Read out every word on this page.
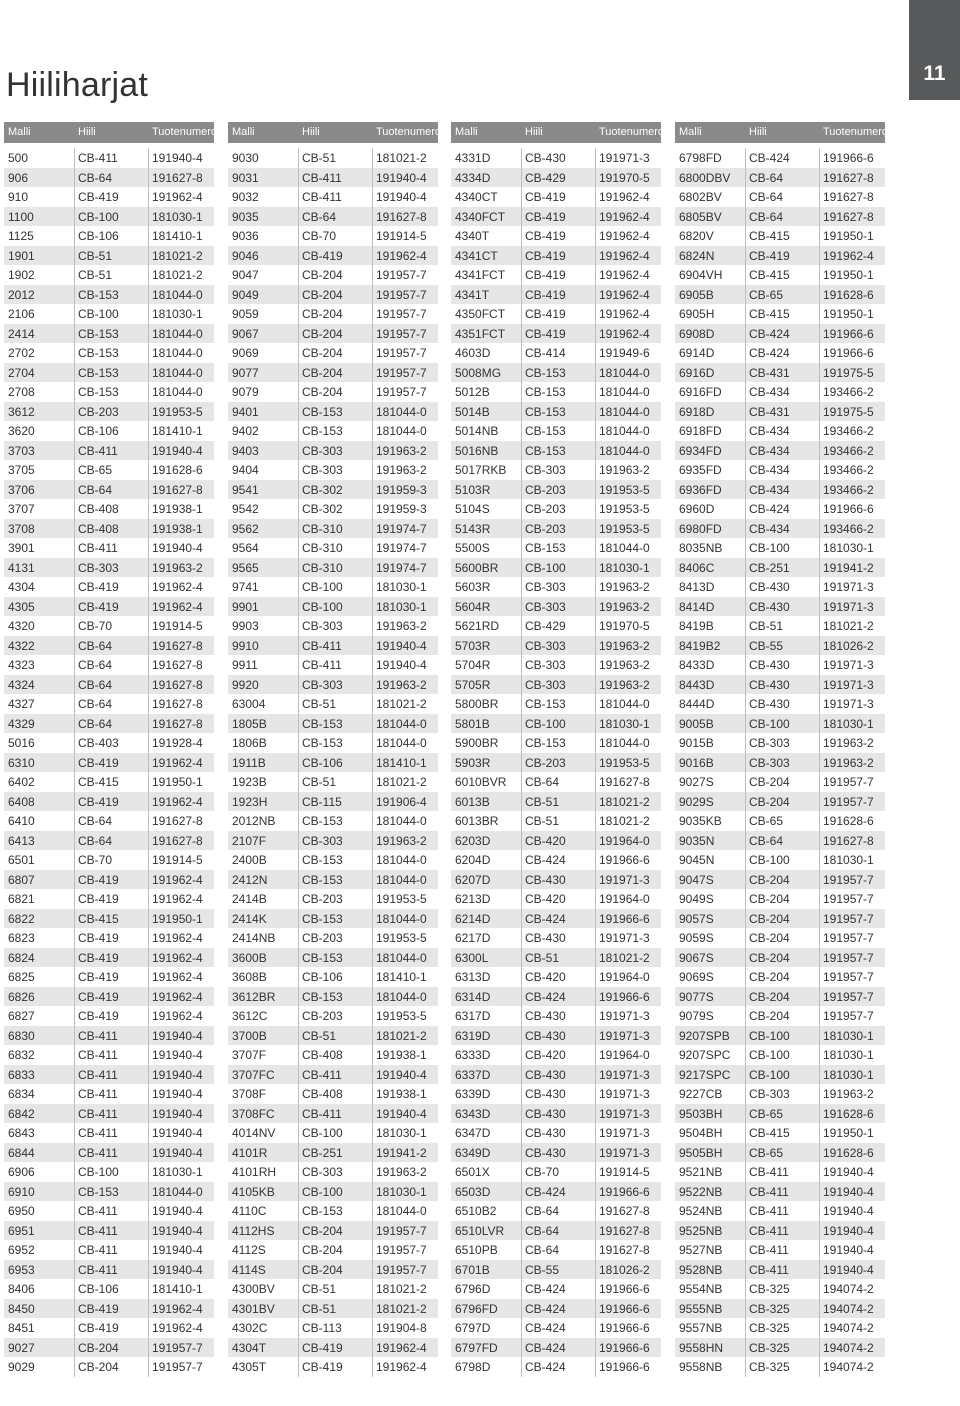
Hiiliharjat	11
Malli	Hiili	Tuotenumero
500	CB-411	191940-4
906	CB-64	191627-8
910	CB-419	191962-4
1100	CB-100	181030-1
1125	CB-106	181410-1
1901	CB-51	181021-2
1902	CB-51	181021-2
2012	CB-153	181044-0
2106	CB-100	181030-1
2414	CB-153	181044-0
2702	CB-153	181044-0
2704	CB-153	181044-0
2708	CB-153	181044-0
3612	CB-203	191953-5
3620	CB-106	181410-1
3703	CB-411	191940-4
3705	CB-65	191628-6
3706	CB-64	191627-8
3707	CB-408	191938-1
3708	CB-408	191938-1
3901	CB-411	191940-4
4131	CB-303	191963-2
4304	CB-419	191962-4
4305	CB-419	191962-4
4320	CB-70	191914-5
4322	CB-64	191627-8
4323	CB-64	191627-8
4324	CB-64	191627-8
4327	CB-64	191627-8
4329	CB-64	191627-8
5016	CB-403	191928-4
6310	CB-419	191962-4
6402	CB-415	191950-1
6408	CB-419	191962-4
6410	CB-64	191627-8
6413	CB-64	191627-8
6501	CB-70	191914-5
6807	CB-419	191962-4
6821	CB-419	191962-4
6822	CB-415	191950-1
6823	CB-419	191962-4
6824	CB-419	191962-4
6825	CB-419	191962-4
6826	CB-419	191962-4
6827	CB-419	191962-4
6830	CB-411	191940-4
6832	CB-411	191940-4
6833	CB-411	191940-4
6834	CB-411	191940-4
6842	CB-411	191940-4
6843	CB-411	191940-4
6844	CB-411	191940-4
6906	CB-100	181030-1
6910	CB-153	181044-0
6950	CB-411	191940-4
6951	CB-411	191940-4
6952	CB-411	191940-4
6953	CB-411	191940-4
8406	CB-106	181410-1
8450	CB-419	191962-4
8451	CB-419	191962-4
9027	CB-204	191957-7
9029	CB-204	191957-7
Malli	Hiili	Tuotenumero
9030	CB-51	181021-2
9031	CB-411	191940-4
9032	CB-411	191940-4
9035	CB-64	191627-8
9036	CB-70	191914-5
9046	CB-419	191962-4
9047	CB-204	191957-7
9049	CB-204	191957-7
9059	CB-204	191957-7
9067	CB-204	191957-7
9069	CB-204	191957-7
9077	CB-204	191957-7
9079	CB-204	191957-7
9401	CB-153	181044-0
9402	CB-153	181044-0
9403	CB-303	191963-2
9404	CB-303	191963-2
9541	CB-302	191959-3
9542	CB-302	191959-3
9562	CB-310	191974-7
9564	CB-310	191974-7
9565	CB-310	191974-7
9741	CB-100	181030-1
9901	CB-100	181030-1
9903	CB-303	191963-2
9910	CB-411	191940-4
9911	CB-411	191940-4
9920	CB-303	191963-2
63004	CB-51	181021-2
1805B	CB-153	181044-0
1806B	CB-153	181044-0
1911B	CB-106	181410-1
1923B	CB-51	181021-2
1923H	CB-115	191906-4
2012NB CB-153	181044-0
2107F	CB-303	191963-2
2400B	CB-153	181044-0
2412N	CB-153	181044-0
2414B	CB-203	191953-5
2414K	CB-153	181044-0
2414NB CB-203	191953-5
3600B	CB-153	181044-0
3608B	CB-106	181410-1
3612BR CB-153	181044-0
3612C	CB-203	191953-5
3700B	CB-51	181021-2
3707F	CB-408	191938-1
3707FC CB-411	191940-4
3708F	CB-408	191938-1
3708FC CB-411	191940-4
4014NV CB-100	181030-1
4101R	CB-251	191941-2
4101RH CB-303	191963-2
4105KB CB-100	181030-1
4110C	CB-153	181044-0
4112HS CB-204	191957-7
4112S	CB-204	191957-7
4114S	CB-204	191957-7
4300BV CB-51	181021-2
4301BV CB-51	181021-2
4302C	CB-113	191904-8
4304T	CB-419	191962-4
4305T	CB-419	191962-4
Malli	Hiili	Tuotenumero
4331D	CB-430	191971-3
4334D	CB-429	191970-5
4340CT CB-419	191962-4
4340FCT CB-419	191962-4
4340T	CB-419	191962-4
4341CT CB-419	191962-4
4341FCT CB-419	191962-4
4341T	CB-419	191962-4
4350FCT CB-419	191962-4
4351FCT CB-419	191962-4
4603D	CB-414	191949-6
5008MG CB-153	181044-0
5012B	CB-153	181044-0
5014B	CB-153	181044-0
5014NB CB-153	181044-0
5016NB CB-153	181044-0
5017RKB CB-303	191963-2
5103R	CB-203	191953-5
5104S	CB-203	191953-5
5143R	CB-203	191953-5
5500S	CB-153	181044-0
5600BR CB-100	181030-1
5603R	CB-303	191963-2
5604R	CB-303	191963-2
5621RD CB-429	191970-5
5703R	CB-303	191963-2
5704R	CB-303	191963-2
5705R	CB-303	191963-2
5800BR CB-153	181044-0
5801B	CB-100	181030-1
5900BR CB-153	181044-0
5903R	CB-203	191953-5
6010BVR CB-64	191627-8
6013B	CB-51	181021-2
6013BR CB-51	181021-2
6203D	CB-420	191964-0
6204D	CB-424	191966-6
6207D	CB-430	191971-3
6213D	CB-420	191964-0
6214D	CB-424	191966-6
6217D	CB-430	191971-3
6300L	CB-51	181021-2
6313D	CB-420	191964-0
6314D	CB-424	191966-6
6317D	CB-430	191971-3
6319D	CB-430	191971-3
6333D	CB-420	191964-0
6337D	CB-430	191971-3
6339D	CB-430	191971-3
6343D	CB-430	191971-3
6347D	CB-430	191971-3
6349D	CB-430	191971-3
6501X	CB-70	191914-5
6503D	CB-424	191966-6
6510B2 CB-64	191627-8
6510LVR CB-64	191627-8
6510PB CB-64	191627-8
6701B	CB-55	181026-2
6796D	CB-424	191966-6
6796FD CB-424	191966-6
6797D	CB-424	191966-6
6797FD CB-424	191966-6
6798D	CB-424	191966-6
Malli	Hiili	Tuotenumero
6798FD CB-424	191966-6
6800DBV CB-64	191627-8
6802BV CB-64	191627-8
6805BV CB-64	191627-8
6820V	CB-415	191950-1
6824N	CB-419	191962-4
6904VH CB-415	191950-1
6905B	CB-65	191628-6
6905H	CB-415	191950-1
6908D	CB-424	191966-6
6914D	CB-424	191966-6
6916D	CB-431	191975-5
6916FD CB-434	193466-2
6918D	CB-431	191975-5
6918FD CB-434	193466-2
6934FD CB-434	193466-2
6935FD CB-434	193466-2
6936FD CB-434	193466-2
6960D	CB-424	191966-6
6980FD CB-434	193466-2
8035NB CB-100	181030-1
8406C	CB-251	191941-2
8413D	CB-430	191971-3
8414D	CB-430	191971-3
8419B	CB-51	181021-2
8419B2 CB-55	181026-2
8433D	CB-430	191971-3
8443D	CB-430	191971-3
8444D	CB-430	191971-3
9005B	CB-100	181030-1
9015B	CB-303	191963-2
9016B	CB-303	191963-2
9027S	CB-204	191957-7
9029S	CB-204	191957-7
9035KB CB-65	191628-6
9035N	CB-64	191627-8
9045N	CB-100	181030-1
9047S	CB-204	191957-7
9049S	CB-204	191957-7
9057S	CB-204	191957-7
9059S	CB-204	191957-7
9067S	CB-204	191957-7
9069S	CB-204	191957-7
9077S	CB-204	191957-7
9079S	CB-204	191957-7
9207SPB CB-100	181030-1
9207SPC CB-100	181030-1
9217SPC CB-100	181030-1
9227CB CB-303	191963-2
9503BH CB-65	191628-6
9504BH CB-415	191950-1
9505BH CB-65	191628-6
9521NB CB-411	191940-4
9522NB CB-411	191940-4
9524NB CB-411	191940-4
9525NB CB-411	191940-4
9527NB CB-411	191940-4
9528NB CB-411	191940-4
9554NB CB-325	194074-2
9555NB CB-325	194074-2
9557NB CB-325	194074-2
9558HN CB-325	194074-2
9558NB CB-325	194074-2
